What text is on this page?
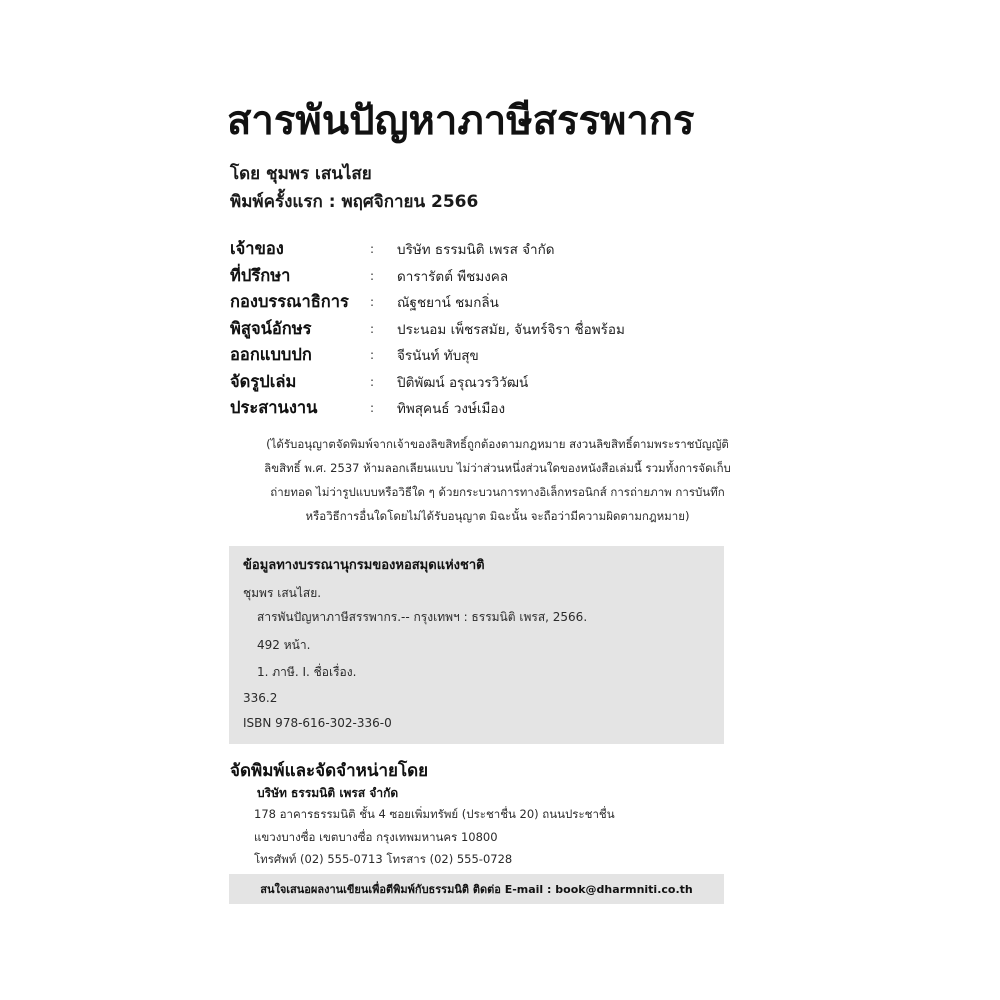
สารพันปัญหาภาษีสรรพากร
โดย ชุมพร เสนไสย
พิมพ์ครั้งแรก : พฤศจิกายน 2566
เจ้าของ	:	บริษัท ธรรมนิติ เพรส จำกัด
ที่ปรึกษา	:	ดารารัตต์ พืชมงคล
กองบรรณาธิการ	:	ณัฐชยาน์ ชมกลิ่น
พิสูจน์อักษร	:	ประนอม เพ็ชรสมัย, จันทร์จิรา ชื่อพร้อม
ออกแบบปก	:	จีรนันท์ ทับสุข
จัดรูปเล่ม	:	ปิติพัฒน์ อรุณวรวิวัฒน์
ประสานงาน	:	ทิพสุคนธ์ วงษ์เมือง
(ได้รับอนุญาตจัดพิมพ์จากเจ้าของลิขสิทธิ์ถูกต้องตามกฎหมาย สงวนลิขสิทธิ์ตามพระราชบัญญัติ
ลิขสิทธิ์ พ.ศ. 2537 ห้ามลอกเลียนแบบ ไม่ว่าส่วนหนึ่งส่วนใดของหนังสือเล่มนี้ รวมทั้งการจัดเก็บ
ถ่ายทอด ไม่ว่ารูปแบบหรือวิธีใด ๆ ด้วยกระบวนการทางอิเล็กทรอนิกส์ การถ่ายภาพ การบันทึก
หรือวิธีการอื่นใดโดยไม่ได้รับอนุญาต มิฉะนั้น จะถือว่ามีความผิดตามกฎหมาย)
ข้อมูลทางบรรณานุกรมของหอสมุดแห่งชาติ
ชุมพร เสนไสย.
สารพันปัญหาภาษีสรรพากร.-- กรุงเทพฯ : ธรรมนิติ เพรส, 2566.
492 หน้า.
1. ภาษี. I. ชื่อเรื่อง.
336.2
ISBN 978-616-302-336-0
จัดพิมพ์และจัดจำหน่ายโดย
บริษัท ธรรมนิติ เพรส จำกัด
178 อาคารธรรมนิติ ชั้น 4 ซอยเพิ่มทรัพย์ (ประชาชื่น 20) ถนนประชาชื่น
แขวงบางซื่อ เขตบางซื่อ กรุงเทพมหานคร 10800
โทรศัพท์ (02) 555-0713 โทรสาร (02) 555-0728
สนใจเสนอผลงานเขียนเพื่อตีพิมพ์กับธรรมนิติ ติดต่อ E-mail : book@dharmniti.co.th
